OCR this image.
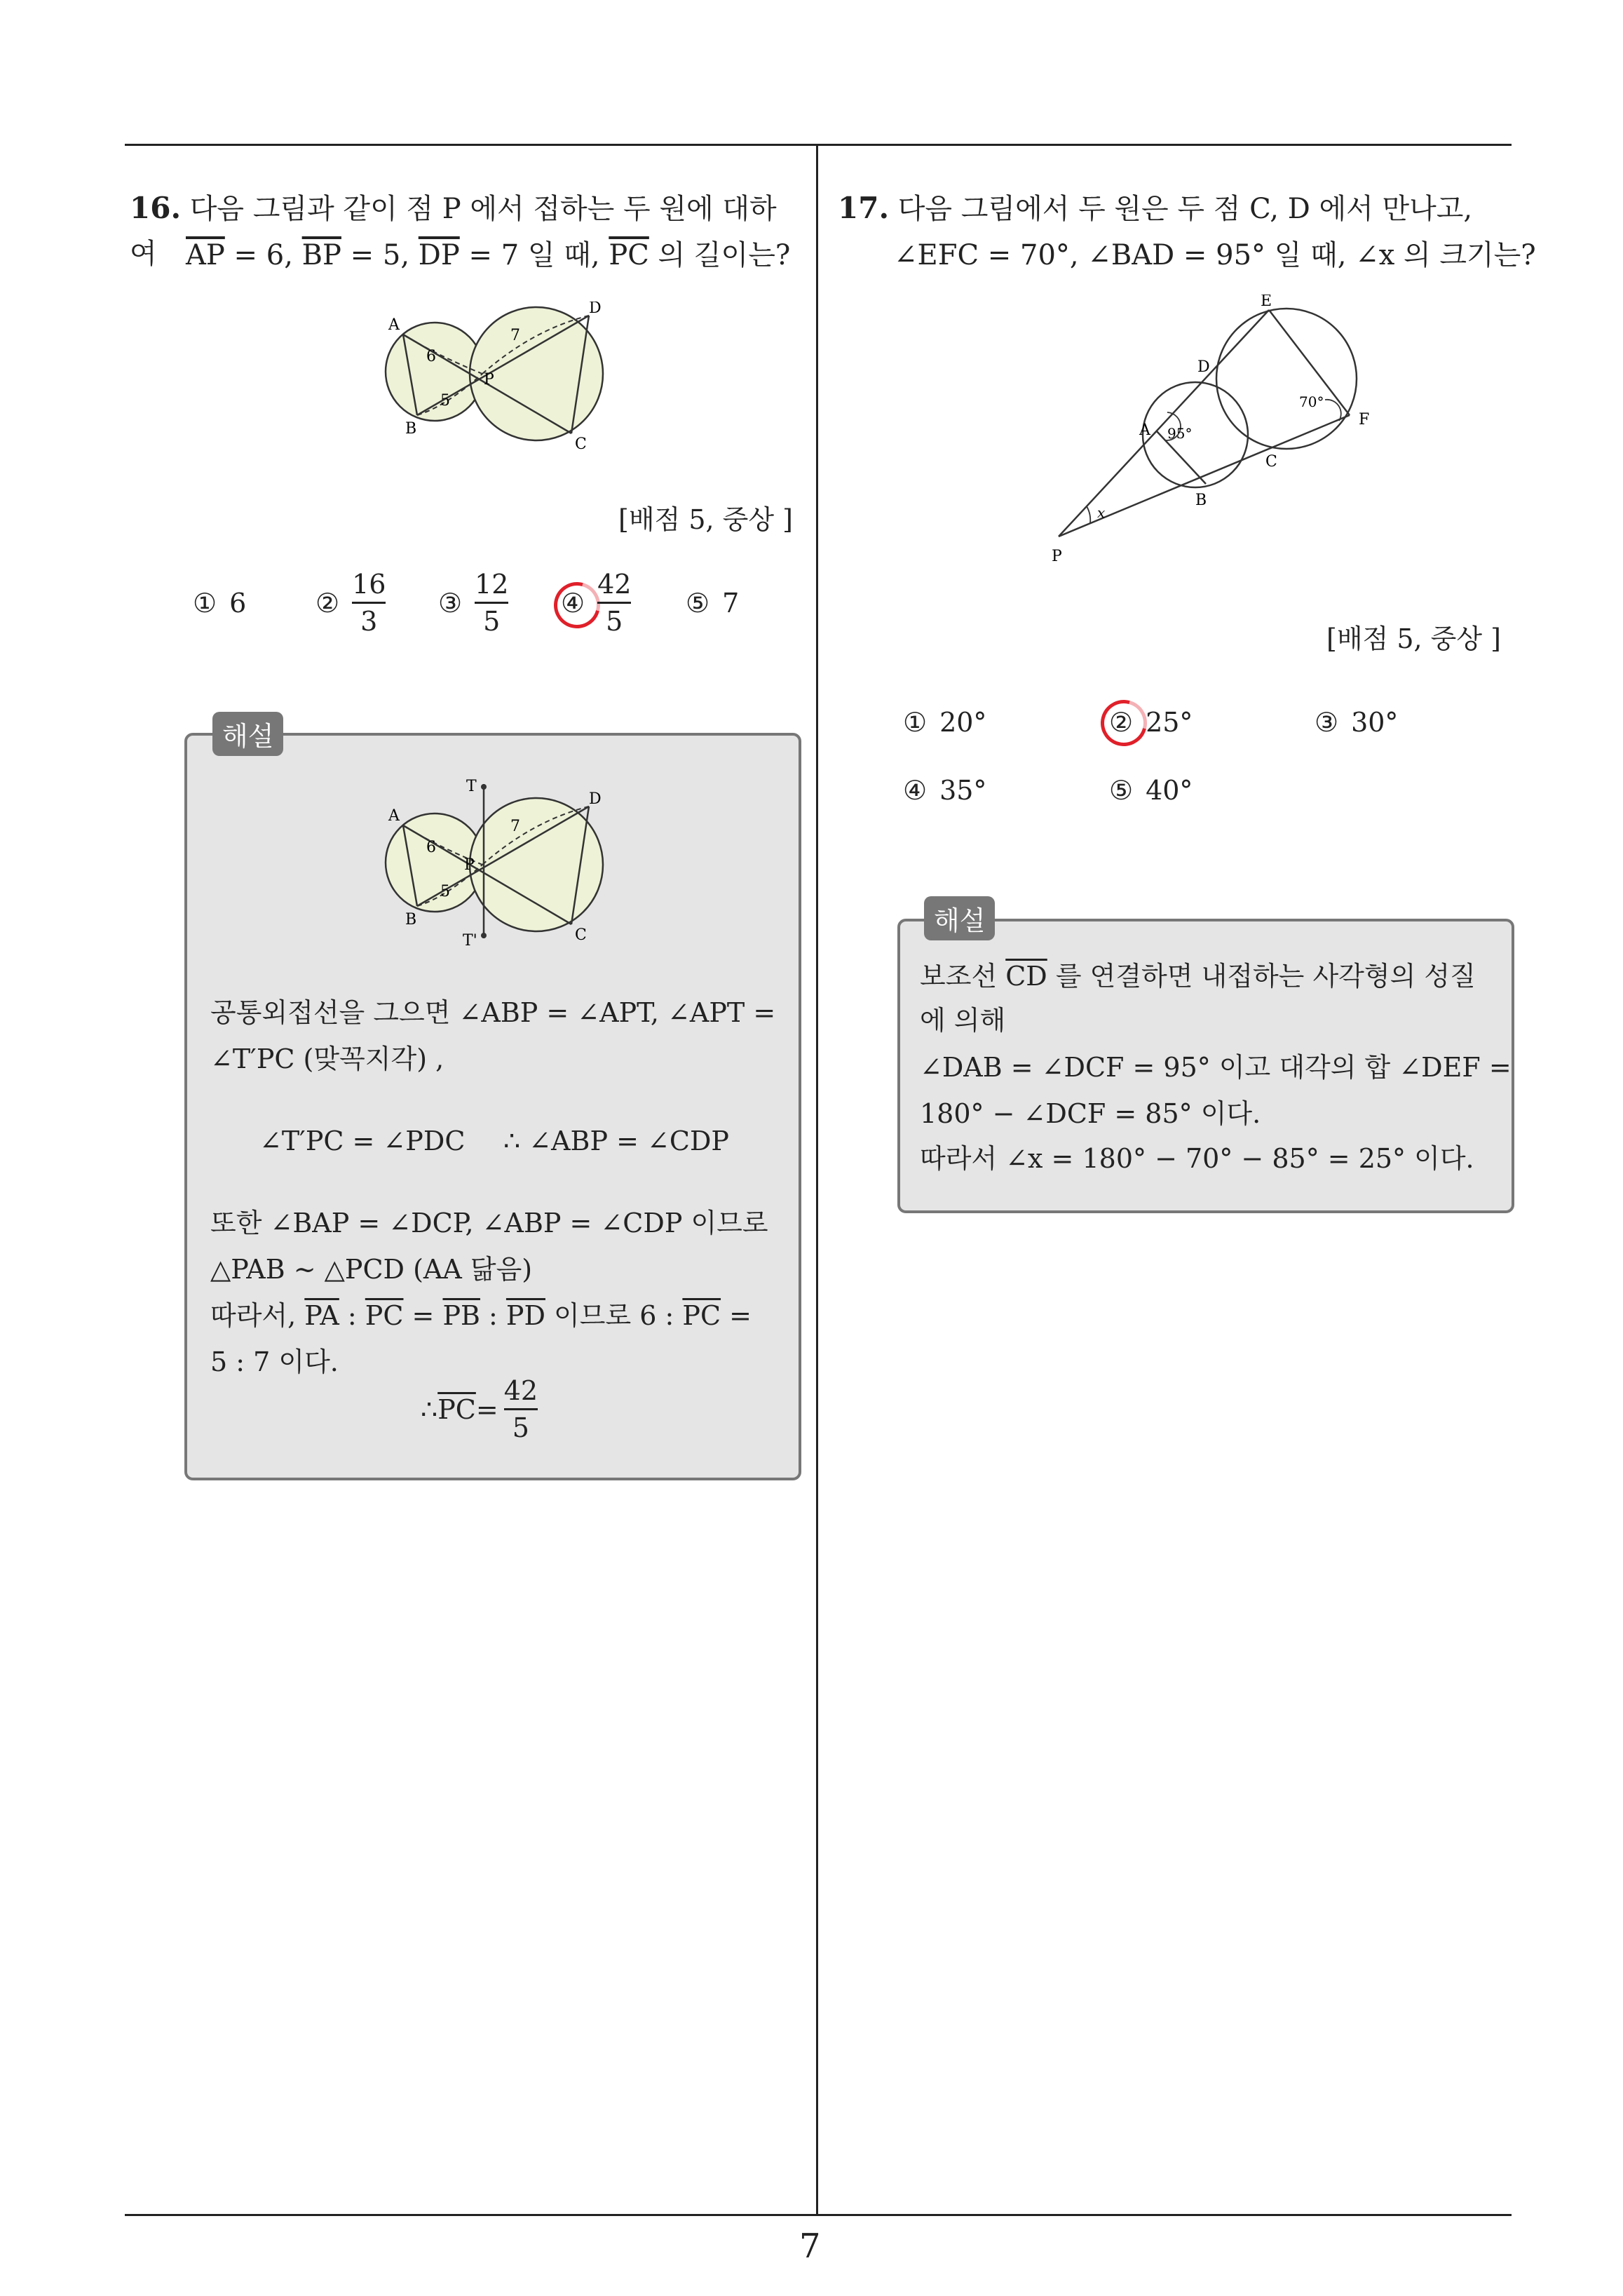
7
16. 다음 그림과 같이 점 P 에서 접하는 두 원에 대하여	$\overline{AP} = 6$, $\overline{BP} = 5$, $\overline{DP} = 7$ 일 때, $\overline{PC}$ 의 길이는?
A
B
C
D
P
6
5
7
[배점 5, 중상 ]
① 6	② $\frac{16}{3}$ ③ $\frac{12}{5}$ ④ $\frac{42}{5}$ ⑤ 7
해설
T
T'
A
B
C
D
P
6
5
7
공통외접선을 그으면 ∠ABP = ∠APT, ∠APT =
∠T′PC (맞꼭지각) ,
∠T′PC = ∠PDC ∴ ∠ABP = ∠CDP
또한 ∠BAP = ∠DCP, ∠ABP = ∠CDP 이므로
△PAB ∼ △PCD (AA 닮음)
따라서, $\overline{PA}$ : $\overline{PC} = \overline{PB}$ : $\overline{PD}$ 이므로 6 : $\overline{PC}$ =
5 : 7 이다.
∴ $\overline{PC} = \frac{42}{5}$
17. 다음 그림에서 두 원은 두 점 C, D 에서 만나고,
∠EFC = 70°, ∠BAD = 95° 일 때, ∠x 의 크기는?
E
D
F
A
C
B
P
x
95°
70°
[배점 5, 중상 ]
① 20°	② 25°	③ 30°
④ 35°	⑤ 40°
해설
보조선 $\overline{CD}$ 를 연결하면 내접하는 사각형의 성질
에 의해
∠DAB = ∠DCF = 95° 이고 대각의 합 ∠DEF =
180° − ∠DCF = 85° 이다.
따라서 ∠x = 180° − 70° − 85° = 25° 이다.
